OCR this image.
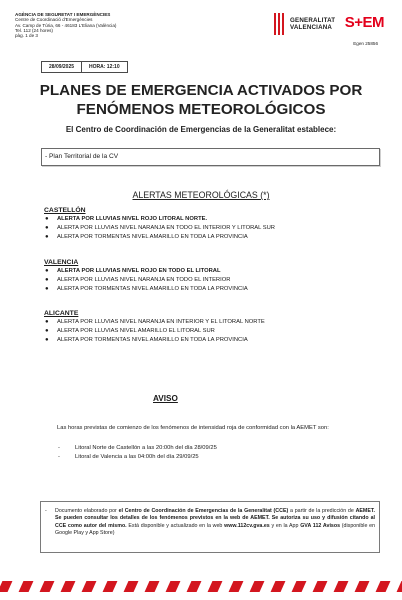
AGÈNCIA DE SEGURETAT I EMERGÈNCIES
Centre de Coordinació d'Emergències
Av. Camp de Túria, 66 - 46183 L'Eliana (València)
Tel. 112 (24 hores)
pàg. 1 de 3
GENERALITAT
VALENCIANA S+EM
Egen 25856
28/09/2025	HORA: 12:10
PLANES DE EMERGENCIA ACTIVADOS POR FENÓMENOS METEOROLÓGICOS
El Centro de Coordinación de Emergencias de la Generalitat establece:
- Plan Territorial de la CV
ALERTAS METEOROLÓGICAS (*)
CASTELLÓN
● ALERTA POR LLUVIAS NIVEL ROJO LITORAL NORTE.
● ALERTA POR LLUVIAS NIVEL NARANJA EN TODO EL INTERIOR Y LITORAL SUR
● ALERTA POR TORMENTAS NIVEL AMARILLO EN TODA LA PROVINCIA
VALENCIA
● ALERTA POR LLUVIAS NIVEL ROJO EN TODO EL LITORAL
● ALERTA POR LLUVIAS NIVEL NARANJA EN TODO EL INTERIOR
● ALERTA POR TORMENTAS NIVEL AMARILLO EN TODA LA PROVINCIA
ALICANTE
● ALERTA POR LLUVIAS NIVEL NARANJA EN INTERIOR Y EL LITORAL NORTE
● ALERTA POR LLUVIAS NIVEL AMARILLO EL LITORAL SUR
● ALERTA POR TORMENTAS NIVEL AMARILLO EN TODA LA PROVINCIA
AVISO
Las horas previstas de comienzo de los fenómenos de intensidad roja de conformidad con la AEMET son:
-	Litoral Norte de Castellón a las 20:00h del día 28/09/25
-	Litoral de Valencia a las 04:00h del día 29/09/25
- Documento elaborado por el Centro de Coordinación de Emergencias de la Generalitat (CCE) a partir de la predicción de AEMET. Se pueden consultar los detalles de los fenómenos previstos en la web de AEMET. Se autoriza su uso y difusión citando al CCE como autor del mismo. Está disponible y actualizado en la web www.112cv.gva.es y en la App GVA 112 Avisos (disponible en Google Play y App Store)
